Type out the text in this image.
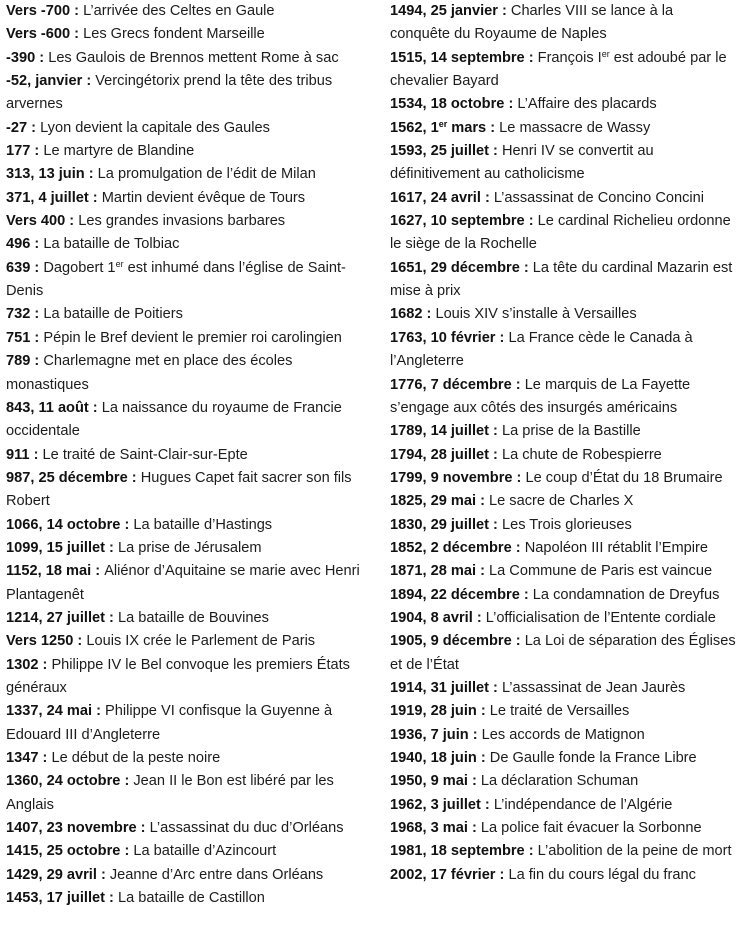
Vers -700 : L’arrivée des Celtes en Gaule
Vers -600 : Les Grecs fondent Marseille
-390 : Les Gaulois de Brennos mettent Rome à sac
-52, janvier : Vercingétorix prend la tête des tribus arvernes
-27 : Lyon devient la capitale des Gaules
177 : Le martyre de Blandine
313, 13 juin : La promulgation de l’édit de Milan
371, 4 juillet : Martin devient évêque de Tours
Vers 400 : Les grandes invasions barbares
496 : La bataille de Tolbiac
639 : Dagobert 1er est inhumé dans l’église de Saint-Denis
732 : La bataille de Poitiers
751 : Pépin le Bref devient le premier roi carolingien
789 : Charlemagne met en place des écoles monastiques
843, 11 août : La naissance du royaume de Francie occidentale
911 : Le traité de Saint-Clair-sur-Epte
987, 25 décembre : Hugues Capet fait sacrer son fils Robert
1066, 14 octobre : La bataille d’Hastings
1099, 15 juillet : La prise de Jérusalem
1152, 18 mai : Aliénor d’Aquitaine se marie avec Henri Plantagenêt
1214, 27 juillet : La bataille de Bouvines
Vers 1250 : Louis IX crée le Parlement de Paris
1302 : Philippe IV le Bel convoque les premiers États généraux
1337, 24 mai : Philippe VI confisque la Guyenne à Edouard III d’Angleterre
1347 : Le début de la peste noire
1360, 24 octobre : Jean II le Bon est libéré par les Anglais
1407, 23 novembre : L’assassinat du duc d’Orléans
1415, 25 octobre : La bataille d’Azincourt
1429, 29 avril : Jeanne d’Arc entre dans Orléans
1453, 17 juillet : La bataille de Castillon
1494, 25 janvier : Charles VIII se lance à la conquête du Royaume de Naples
1515, 14 septembre : François Ier est adoubé par le chevalier Bayard
1534, 18 octobre : L’Affaire des placards
1562, 1er mars : Le massacre de Wassy
1593, 25 juillet : Henri IV se convertit au définitivement au catholicisme
1617, 24 avril : L’assassinat de Concino Concini
1627, 10 septembre : Le cardinal Richelieu ordonne le siège de la Rochelle
1651, 29 décembre : La tête du cardinal Mazarin est mise à prix
1682 : Louis XIV s’installe à Versailles
1763, 10 février : La France cède le Canada à l’Angleterre
1776, 7 décembre : Le marquis de La Fayette s’engage aux côtés des insurgés américains
1789, 14 juillet : La prise de la Bastille
1794, 28 juillet : La chute de Robespierre
1799, 9 novembre : Le coup d’État du 18 Brumaire
1825, 29 mai : Le sacre de Charles X
1830, 29 juillet : Les Trois glorieuses
1852, 2 décembre : Napoléon III rétablit l’Empire
1871, 28 mai : La Commune de Paris est vaincue
1894, 22 décembre : La condamnation de Dreyfus
1904, 8 avril : L’officialisation de l’Entente cordiale
1905, 9 décembre : La Loi de séparation des Églises et de l’État
1914, 31 juillet : L’assassinat de Jean Jaurès
1919, 28 juin : Le traité de Versailles
1936, 7 juin : Les accords de Matignon
1940, 18 juin : De Gaulle fonde la France Libre
1950, 9 mai : La déclaration Schuman
1962, 3 juillet : L’indépendance de l’Algérie
1968, 3 mai : La police fait évacuer la Sorbonne
1981, 18 septembre : L’abolition de la peine de mort
2002, 17 février : La fin du cours légal du franc
